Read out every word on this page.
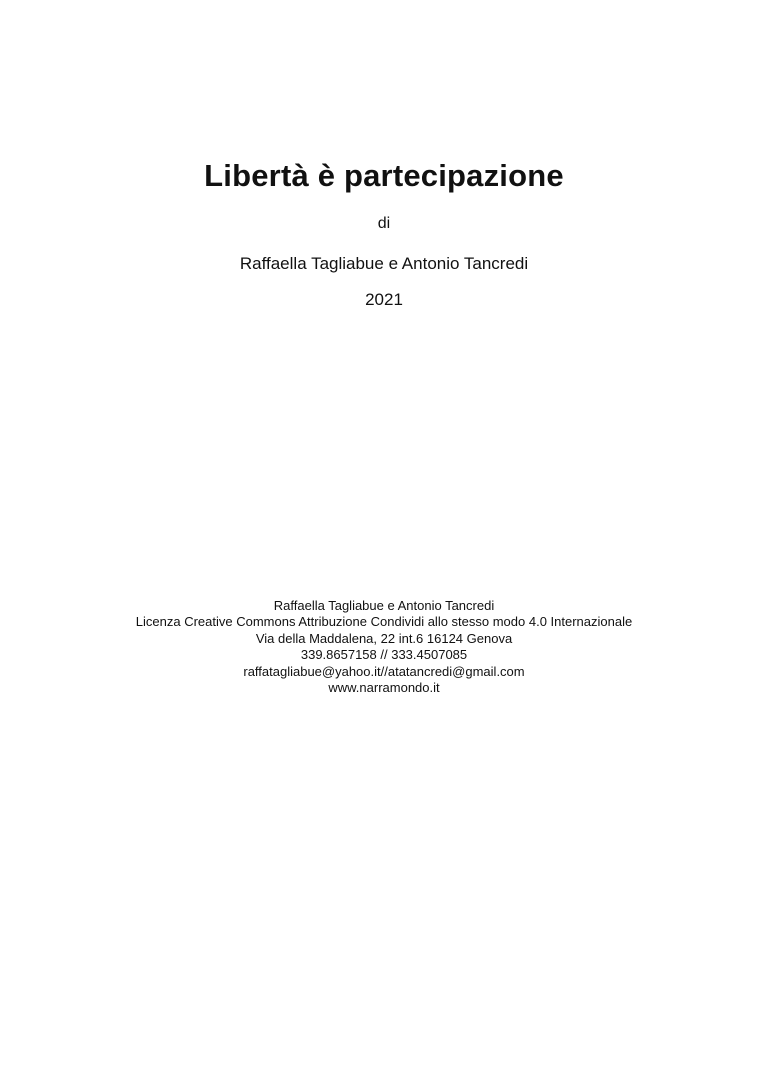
Libertà è partecipazione
di
Raffaella Tagliabue e Antonio Tancredi
2021
Raffaella Tagliabue e Antonio Tancredi
Licenza Creative Commons Attribuzione Condividi allo stesso modo 4.0 Internazionale
Via della Maddalena, 22 int.6 16124 Genova
339.8657158 // 333.4507085
raffatagliabue@yahoo.it//atatancredi@gmail.com
www.narramondo.it
